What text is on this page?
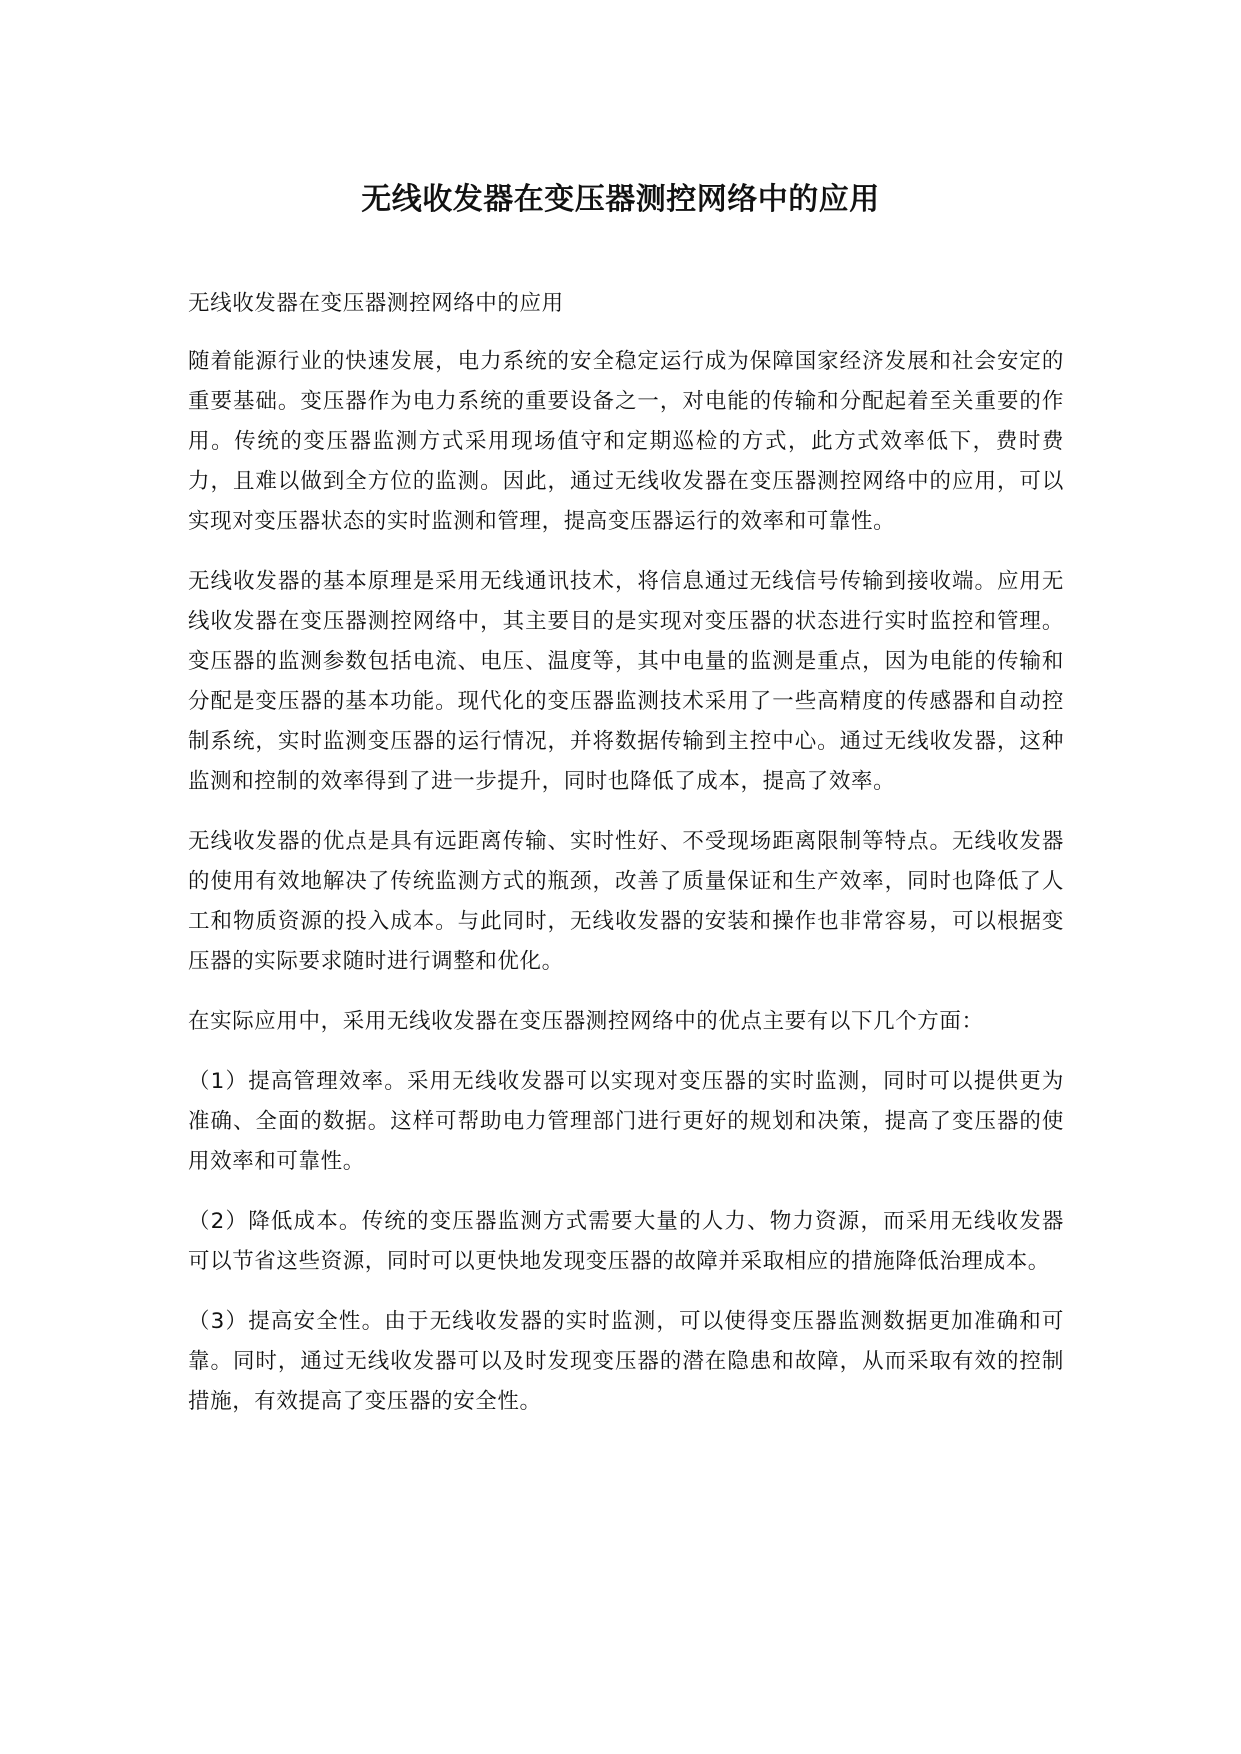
无线收发器在变压器测控网络中的应用

无线收发器在变压器测控网络中的应用

随着能源行业的快速发展，电力系统的安全稳定运行成为保障国家经济发展和社会安定的重要基础。变压器作为电力系统的重要设备之一，对电能的传输和分配起着至关重要的作用。传统的变压器监测方式采用现场值守和定期巡检的方式，此方式效率低下，费时费力，且难以做到全方位的监测。因此，通过无线收发器在变压器测控网络中的应用，可以实现对变压器状态的实时监测和管理，提高变压器运行的效率和可靠性。

无线收发器的基本原理是采用无线通讯技术，将信息通过无线信号传输到接收端。应用无线收发器在变压器测控网络中，其主要目的是实现对变压器的状态进行实时监控和管理。变压器的监测参数包括电流、电压、温度等，其中电量的监测是重点，因为电能的传输和分配是变压器的基本功能。现代化的变压器监测技术采用了一些高精度的传感器和自动控制系统，实时监测变压器的运行情况，并将数据传输到主控中心。通过无线收发器，这种监测和控制的效率得到了进一步提升，同时也降低了成本，提高了效率。

无线收发器的优点是具有远距离传输、实时性好、不受现场距离限制等特点。无线收发器的使用有效地解决了传统监测方式的瓶颈，改善了质量保证和生产效率，同时也降低了人工和物质资源的投入成本。与此同时，无线收发器的安装和操作也非常容易，可以根据变压器的实际要求随时进行调整和优化。

在实际应用中，采用无线收发器在变压器测控网络中的优点主要有以下几个方面：

（1）提高管理效率。采用无线收发器可以实现对变压器的实时监测，同时可以提供更为准确、全面的数据。这样可帮助电力管理部门进行更好的规划和决策，提高了变压器的使用效率和可靠性。

（2）降低成本。传统的变压器监测方式需要大量的人力、物力资源，而采用无线收发器可以节省这些资源，同时可以更快地发现变压器的故障并采取相应的措施降低治理成本。

（3）提高安全性。由于无线收发器的实时监测，可以使得变压器监测数据更加准确和可靠。同时，通过无线收发器可以及时发现变压器的潜在隐患和故障，从而采取有效的控制措施，有效提高了变压器的安全性。
